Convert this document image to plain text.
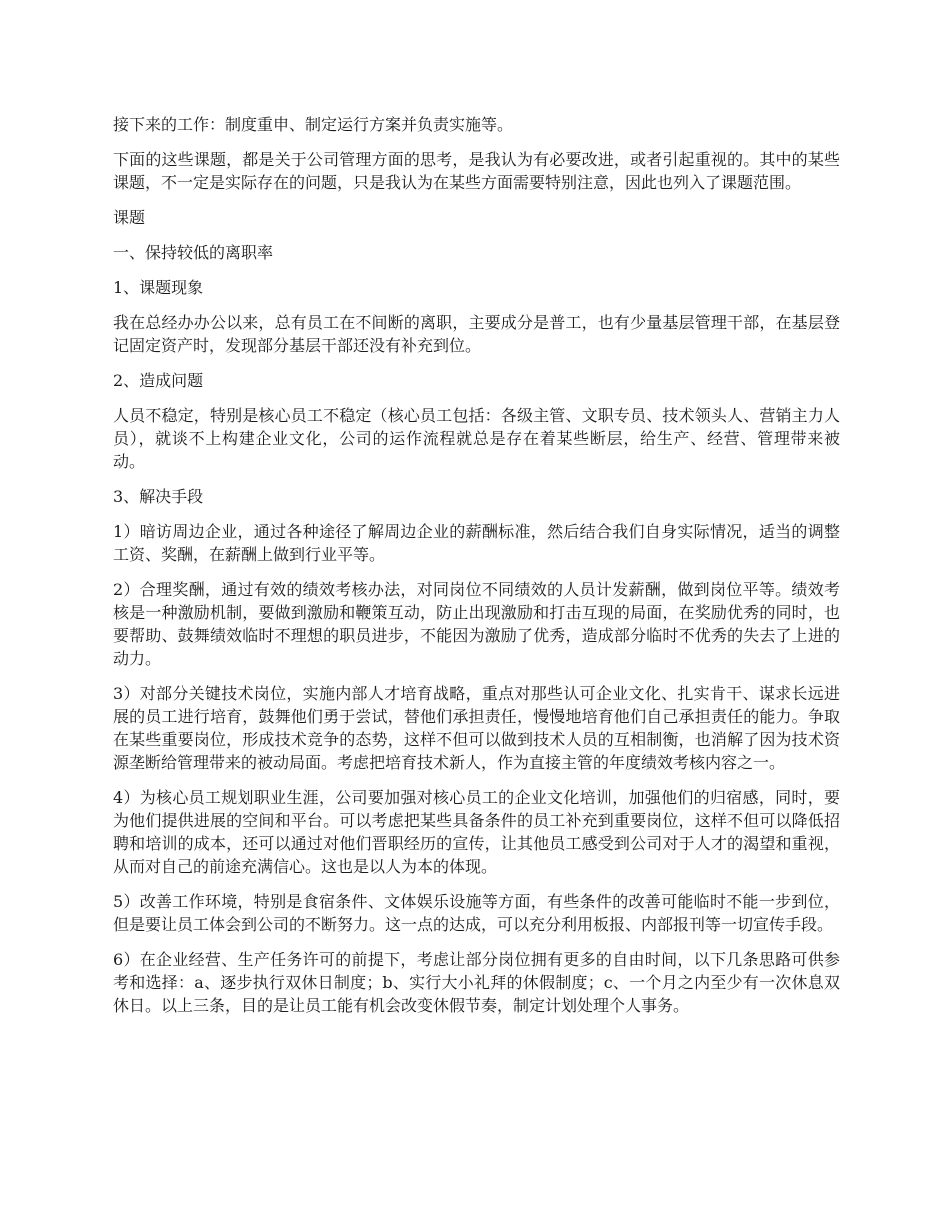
接下来的工作：制度重申、制定运行方案并负责实施等。

下面的这些课题，都是关于公司管理方面的思考，是我认为有必要改进，或者引起重视的。其中的某些课题，不一定是实际存在的问题，只是我认为在某些方面需要特别注意，因此也列入了课题范围。

课题

一、保持较低的离职率

1、课题现象

我在总经办办公以来，总有员工在不间断的离职，主要成分是普工，也有少量基层管理干部，在基层登记固定资产时，发现部分基层干部还没有补充到位。

2、造成问题

人员不稳定，特别是核心员工不稳定（核心员工包括：各级主管、文职专员、技术领头人、营销主力人员），就谈不上构建企业文化，公司的运作流程就总是存在着某些断层，给生产、经营、管理带来被动。

3、解决手段

1）暗访周边企业，通过各种途径了解周边企业的薪酬标准，然后结合我们自身实际情况，适当的调整工资、奖酬，在薪酬上做到行业平等。

2）合理奖酬，通过有效的绩效考核办法，对同岗位不同绩效的人员计发薪酬，做到岗位平等。绩效考核是一种激励机制，要做到激励和鞭策互动，防止出现激励和打击互现的局面，在奖励优秀的同时，也要帮助、鼓舞绩效临时不理想的职员进步，不能因为激励了优秀，造成部分临时不优秀的失去了上进的动力。

3）对部分关键技术岗位，实施内部人才培育战略，重点对那些认可企业文化、扎实肯干、谋求长远进展的员工进行培育，鼓舞他们勇于尝试，替他们承担责任，慢慢地培育他们自己承担责任的能力。争取在某些重要岗位，形成技术竞争的态势，这样不但可以做到技术人员的互相制衡，也消解了因为技术资源垄断给管理带来的被动局面。考虑把培育技术新人，作为直接主管的年度绩效考核内容之一。

4）为核心员工规划职业生涯，公司要加强对核心员工的企业文化培训，加强他们的归宿感，同时，要为他们提供进展的空间和平台。可以考虑把某些具备条件的员工补充到重要岗位，这样不但可以降低招聘和培训的成本，还可以通过对他们晋职经历的宣传，让其他员工感受到公司对于人才的渴望和重视，从而对自己的前途充满信心。这也是以人为本的体现。

5）改善工作环境，特别是食宿条件、文体娱乐设施等方面，有些条件的改善可能临时不能一步到位，但是要让员工体会到公司的不断努力。这一点的达成，可以充分利用板报、内部报刊等一切宣传手段。

6）在企业经营、生产任务许可的前提下，考虑让部分岗位拥有更多的自由时间，以下几条思路可供参考和选择：a、逐步执行双休日制度；b、实行大小礼拜的休假制度；c、一个月之内至少有一次休息双休日。以上三条，目的是让员工能有机会改变休假节奏，制定计划处理个人事务。
